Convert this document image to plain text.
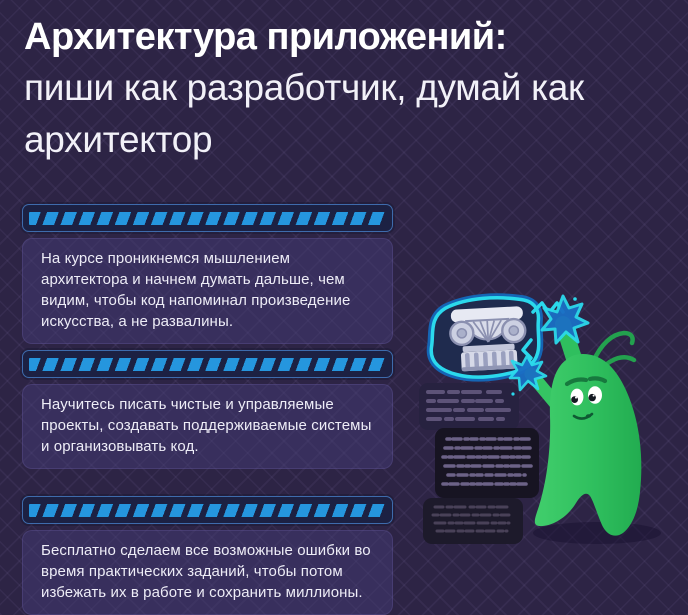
Архитектура приложений:
пиши как разработчик, думай как
архитектор

На курсе проникнемся мышлением архитектора и начнем думать дальше, чем видим, чтобы код напоминал произведение искусства, а не развалины.

Научитесь писать чистые и управляемые проекты, создавать поддерживаемые системы и организовывать код.

Бесплатно сделаем все возможные ошибки во время практических заданий, чтобы потом избежать их в работе и сохранить миллионы.
